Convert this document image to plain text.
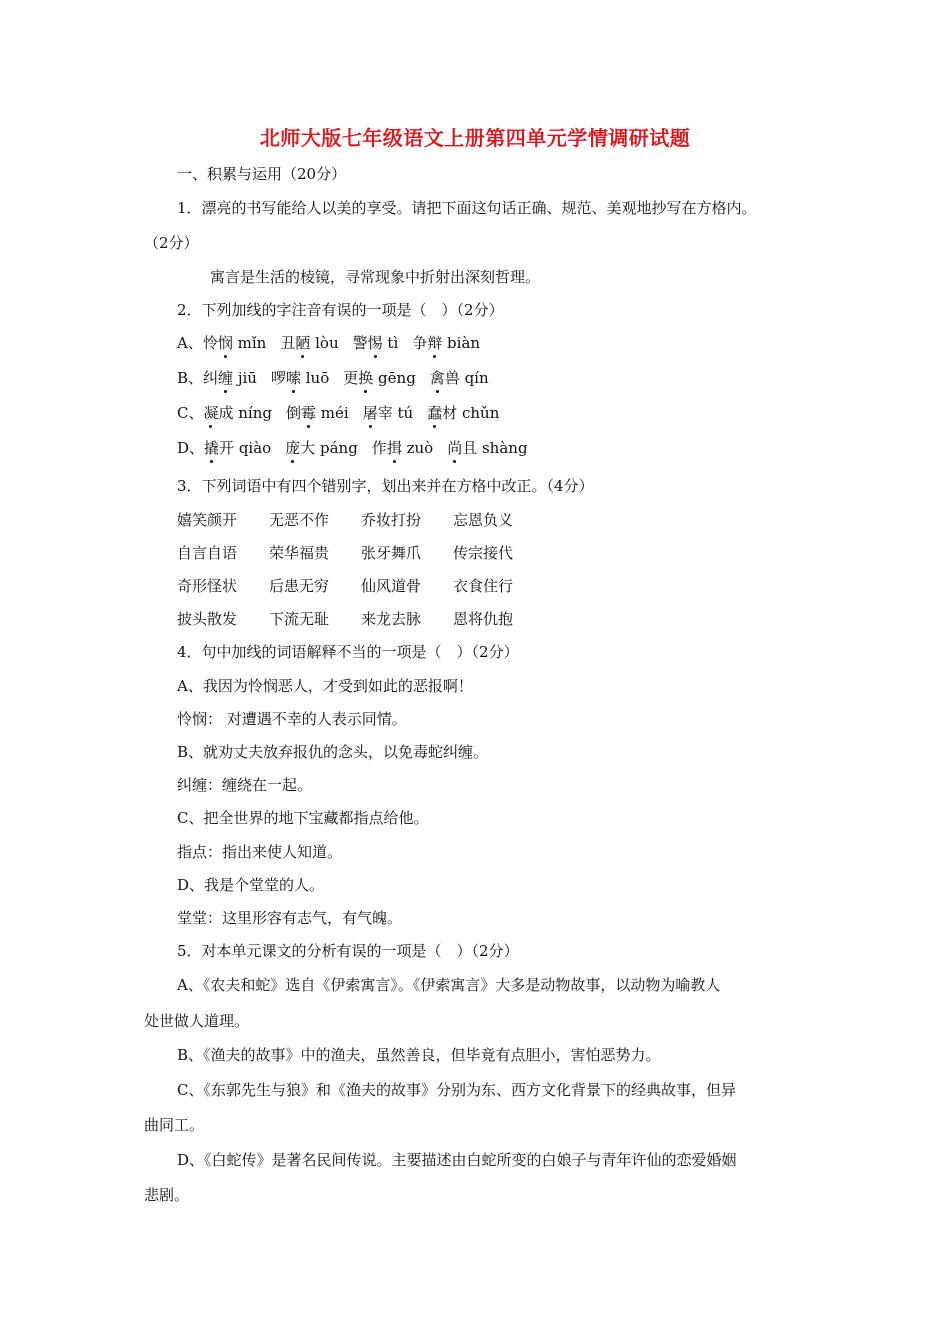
北师大版七年级语文上册第四单元学情调研试题
一、积累与运用（20分）
1．漂亮的书写能给人以美的享受。请把下面这句话正确、规范、美观地抄写在方格内。
（2分）
寓言是生活的棱镜，寻常现象中折射出深刻哲理。
2．下列加线的字注音有误的一项是（　）（2分）
A、怜悯 mǐn 丑陋 lòu 警惕 tì 争辩 biàn
B、纠缠 jiū 啰嗦 luō 更换 gēng 禽兽 qín
C、凝成 níng 倒霉 méi 屠宰 tú 蠢材 chǔn
D、撬开 qiào 庞大 páng 作揖 zuò 尚且 shàng
3．下列词语中有四个错别字，划出来并在方格中改正。（4分）
嬉笑颜开 无恶不作 乔妆打扮 忘恩负义
自言自语 荣华福贵 张牙舞爪 传宗接代
奇形怪状 后患无穷 仙风道骨 衣食住行
披头散发 下流无耻 来龙去脉 恩将仇抱
4．句中加线的词语解释不当的一项是（　）（2分）
A、我因为怜悯恶人，才受到如此的恶报啊！
怜悯： 对遭遇不幸的人表示同情。
B、就劝丈夫放弃报仇的念头，以免毒蛇纠缠。
纠缠：缠绕在一起。
C、把全世界的地下宝藏都指点给他。
指点：指出来使人知道。
D、我是个堂堂的人。
堂堂：这里形容有志气，有气魄。
5．对本单元课文的分析有误的一项是（　）（2分）
A、《农夫和蛇》选自《伊索寓言》。《伊索寓言》大多是动物故事，以动物为喻教人
处世做人道理。
B、《渔夫的故事》中的渔夫，虽然善良，但毕竟有点胆小，害怕恶势力。
C、《东郭先生与狼》和《渔夫的故事》分别为东、西方文化背景下的经典故事，但异
曲同工。
D、《白蛇传》是著名民间传说。主要描述由白蛇所变的白娘子与青年许仙的恋爱婚姻
悲剧。
